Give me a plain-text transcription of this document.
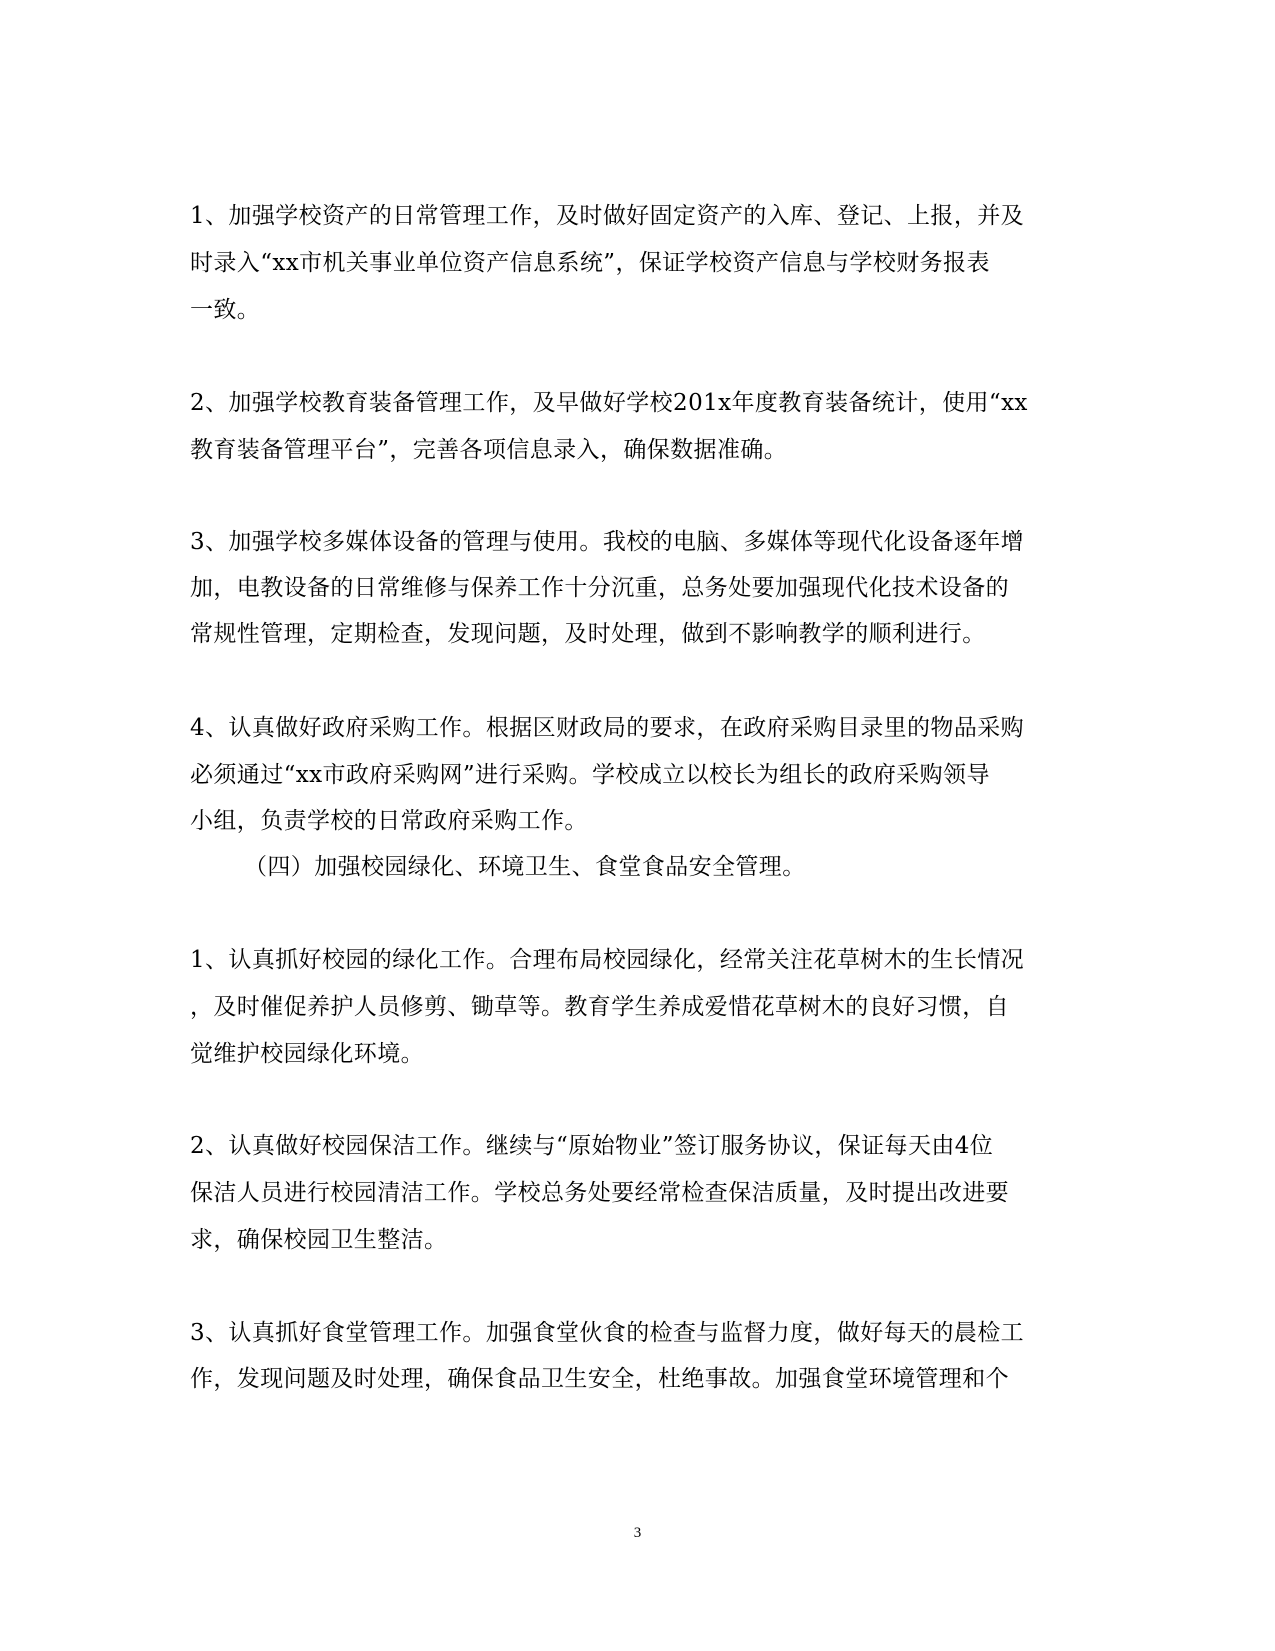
1、加强学校资产的日常管理工作，及时做好固定资产的入库、登记、上报，并及
时录入“xx市机关事业单位资产信息系统”，保证学校资产信息与学校财务报表
一致。
2、加强学校教育装备管理工作，及早做好学校201x年度教育装备统计，使用“xx
教育装备管理平台”，完善各项信息录入，确保数据准确。
3、加强学校多媒体设备的管理与使用。我校的电脑、多媒体等现代化设备逐年增
加，电教设备的日常维修与保养工作十分沉重，总务处要加强现代化技术设备的
常规性管理，定期检查，发现问题，及时处理，做到不影响教学的顺利进行。
4、认真做好政府采购工作。根据区财政局的要求，在政府采购目录里的物品采购
必须通过“xx市政府采购网”进行采购。学校成立以校长为组长的政府采购领导
小组，负责学校的日常政府采购工作。
（四）加强校园绿化、环境卫生、食堂食品安全管理。
1、认真抓好校园的绿化工作。合理布局校园绿化，经常关注花草树木的生长情况
，及时催促养护人员修剪、锄草等。教育学生养成爱惜花草树木的良好习惯，自
觉维护校园绿化环境。
2、认真做好校园保洁工作。继续与“原始物业”签订服务协议，保证每天由4位
保洁人员进行校园清洁工作。学校总务处要经常检查保洁质量，及时提出改进要
求，确保校园卫生整洁。
3、认真抓好食堂管理工作。加强食堂伙食的检查与监督力度，做好每天的晨检工
作，发现问题及时处理，确保食品卫生安全，杜绝事故。加强食堂环境管理和个
3
